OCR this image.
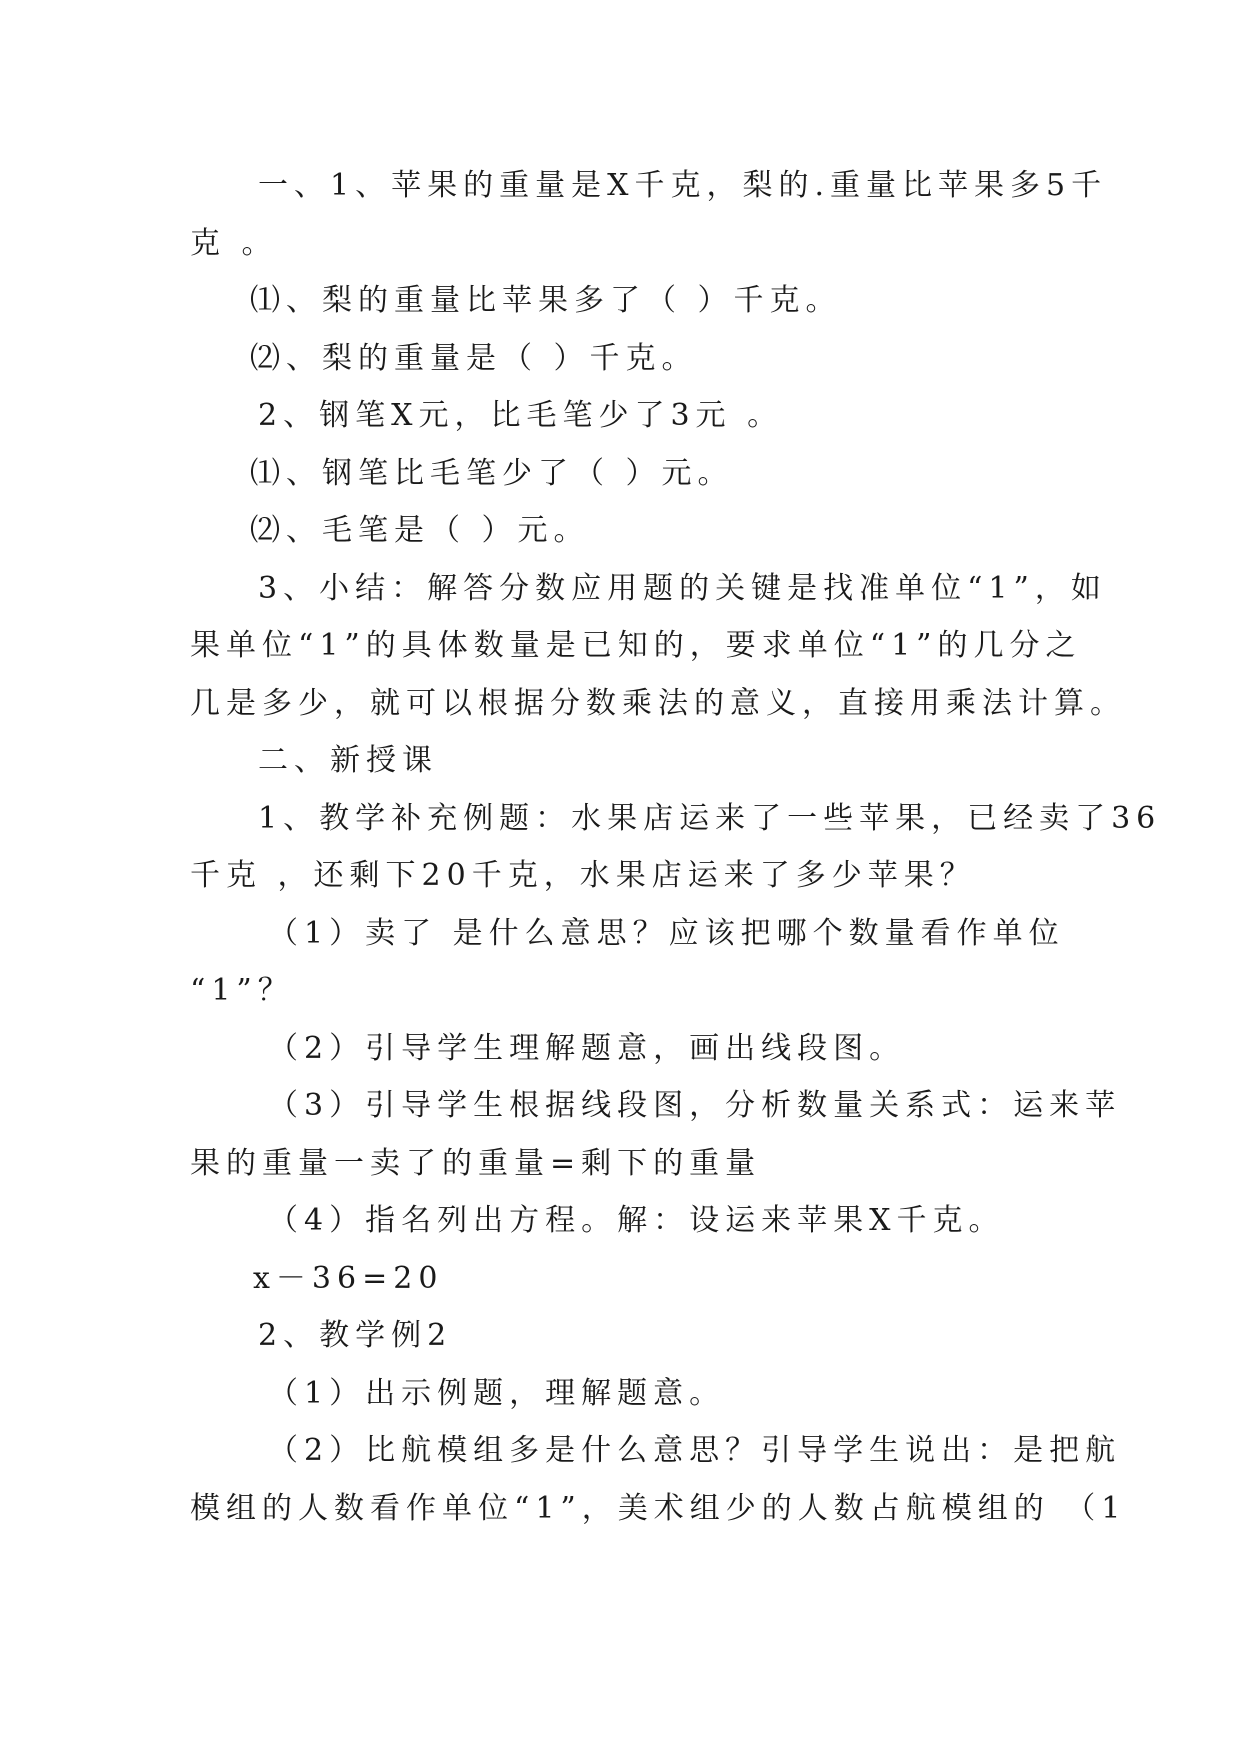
一、1、苹果的重量是X千克，梨的.重量比苹果多5千
克 。
⑴、梨的重量比苹果多了（ ）千克。
⑵、梨的重量是（ ）千克。
2、钢笔X元，比毛笔少了3元 。
⑴、钢笔比毛笔少了（ ）元。
⑵、毛笔是（ ）元。
3、小结：解答分数应用题的关键是找准单位“1”，如
果单位“1”的具体数量是已知的，要求单位“1”的几分之
几是多少，就可以根据分数乘法的意义，直接用乘法计算。
二、新授课
1、教学补充例题：水果店运来了一些苹果，已经卖了36
千克 ，还剩下20千克，水果店运来了多少苹果？
（1）卖了 是什么意思？应该把哪个数量看作单位
“1”？
（2）引导学生理解题意，画出线段图。
（3）引导学生根据线段图，分析数量关系式：运来苹
果的重量一卖了的重量=剩下的重量
（4）指名列出方程。解：设运来苹果X千克。
x－36=20
2、教学例2
（1）出示例题，理解题意。
（2）比航模组多是什么意思？引导学生说出：是把航
模组的人数看作单位“1”，美术组少的人数占航模组的 （1
